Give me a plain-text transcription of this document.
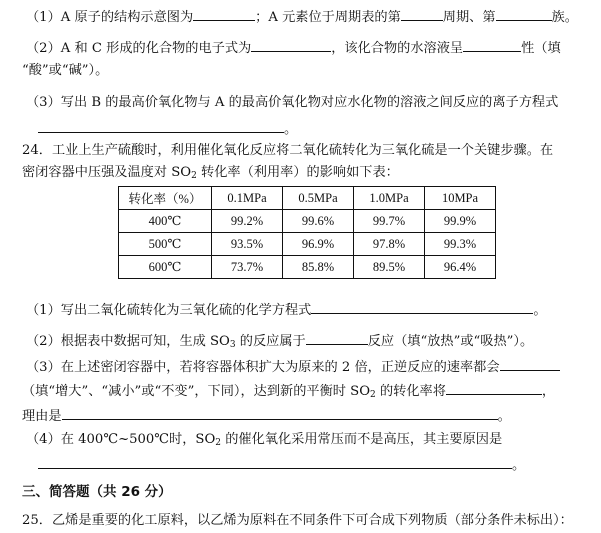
（1）A 原子的结构示意图为	；A 元素位于周期表的第	周期、第	族。
（2）A 和 C 形成的化合物的电子式为	，该化合物的水溶液呈	性（填
“酸”或“碱”）。
（3）写出 B 的最高价氧化物与 A 的最高价氧化物对应水化物的溶液之间反应的离子方程式
。
24．工业上生产硫酸时，利用催化氧化反应将二氧化硫转化为三氧化硫是一个关键步骤。在
密闭容器中压强及温度对 $SO_2$ 转化率（利用率）的影响如下表：
转化率（%）	0.1MPa	0.5MPa	1.0MPa	10MPa
400℃	99.2%	99.6%	99.7%	99.9%
500℃	93.5%	96.9%	97.8%	99.3%
600℃	73.7%	85.8%	89.5%	96.4%
（1）写出二氧化硫转化为三氧化硫的化学方程式	。
（2）根据表中数据可知，生成 $SO_3$ 的反应属于	反应（填“放热”或“吸热”）。
（3）在上述密闭容器中，若将容器体积扩大为原来的 2 倍，正逆反应的速率都会
（填“增大”、“减小”或“不变”，下同），达到新的平衡时 $SO_2$ 的转化率将	，
理由是	。
（4）在 400℃~500℃时，$SO_2$ 的催化氧化采用常压而不是高压，其主要原因是
。
三、简答题（共 26 分）
25．乙烯是重要的化工原料，以乙烯为原料在不同条件下可合成下列物质（部分条件未标出）：
